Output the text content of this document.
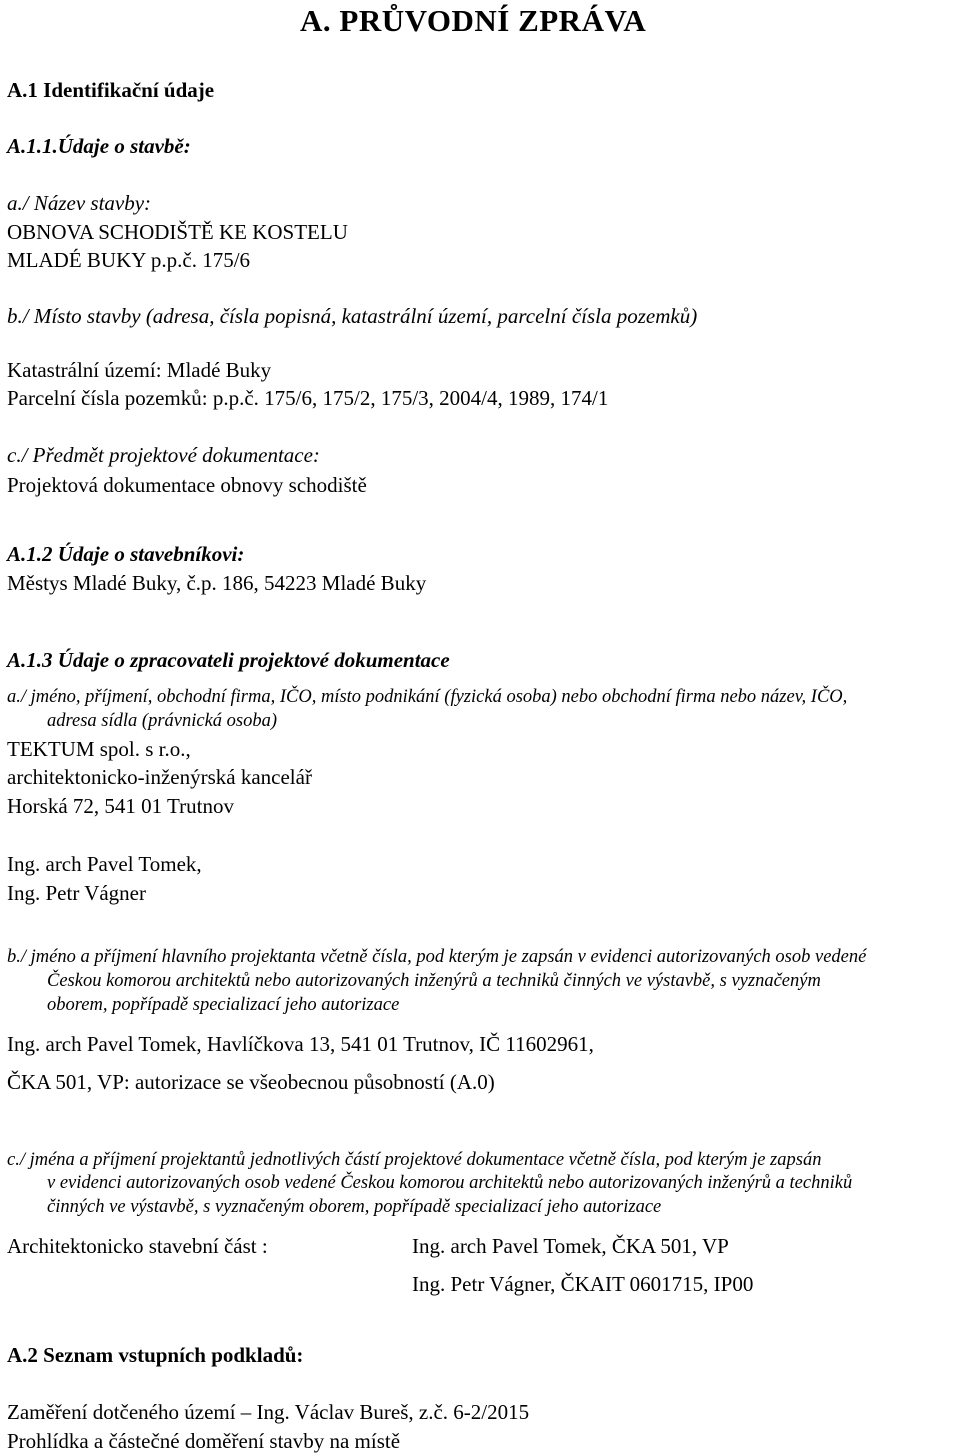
A. PRŮVODNÍ ZPRÁVA
A.1 Identifikační údaje
A.1.1.Údaje o stavbě:
a./ Název stavby:
OBNOVA SCHODIŠTĚ KE KOSTELU
MLADÉ BUKY p.p.č. 175/6
b./ Místo stavby (adresa, čísla popisná, katastrální území, parcelní čísla pozemků)
Katastrální území: Mladé Buky
Parcelní čísla pozemků: p.p.č. 175/6, 175/2, 175/3, 2004/4, 1989, 174/1
c./ Předmět projektové dokumentace:
Projektová dokumentace obnovy schodiště
A.1.2 Údaje o stavebníkovi:
Městys Mladé Buky, č.p. 186, 54223 Mladé Buky
A.1.3 Údaje o zpracovateli projektové dokumentace
a./ jméno, příjmení, obchodní firma, IČO, místo podnikání (fyzická osoba) nebo obchodní firma nebo název, IČO,
adresa sídla (právnická osoba)
TEKTUM spol. s r.o.,
architektonicko-inženýrská kancelář
Horská 72, 541 01 Trutnov
Ing. arch Pavel Tomek,
Ing. Petr Vágner
b./ jméno a příjmení hlavního projektanta včetně čísla, pod kterým je zapsán v evidenci autorizovaných osob vedené
Českou komorou architektů nebo autorizovaných inženýrů a techniků činných ve výstavbě, s vyznačeným
oborem, popřípadě specializací jeho autorizace
Ing. arch Pavel Tomek, Havlíčkova 13, 541 01 Trutnov, IČ 11602961,
ČKA 501, VP: autorizace se všeobecnou působností (A.0)
c./ jména a příjmení projektantů jednotlivých částí projektové dokumentace včetně čísla, pod kterým je zapsán
v evidenci autorizovaných osob vedené Českou komorou architektů nebo autorizovaných inženýrů a techniků
činných ve výstavbě, s vyznačeným oborem, popřípadě specializací jeho autorizace
Architektonicko stavební část :	Ing. arch Pavel Tomek, ČKA 501, VP
Ing. Petr Vágner, ČKAIT 0601715, IP00
A.2 Seznam vstupních podkladů:
Zaměření dotčeného území – Ing. Václav Bureš, z.č. 6-2/2015
Prohlídka a částečné doměření stavby na místě
